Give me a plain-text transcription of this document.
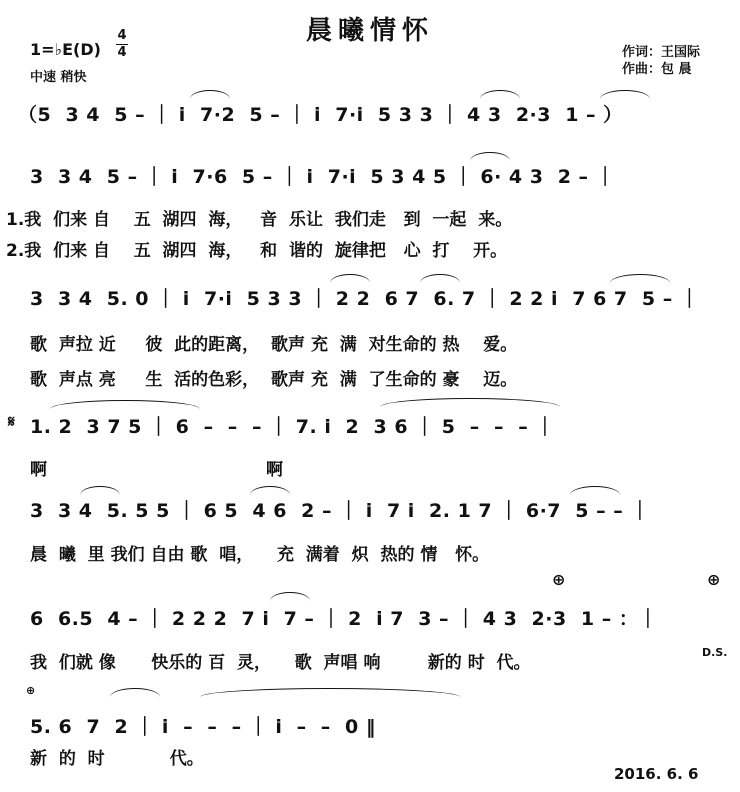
晨曦情怀
1=♭E(D)
4
4
中速 稍快
作词：王国际
作曲：包 晨
（5  3 4  5 – ｜ i  7·2  5 – ｜ i  7·i  5 3 3 ｜ 4 3  2·3  1 – ）
3  3 4  5 – ｜ i  7·6  5 – ｜ i  7·i  5 3 4 5 ｜ 6· 4 3  2 – ｜
1.我  们来 自    五  湖四  海，   音  乐让  我们走   到  一起  来。
2.我  们来 自    五  湖四  海，   和  谐的  旋律把   心  打    开。
3  3 4  5. 0 ｜ i  7·i  5 3 3 ｜ 2 2  6 7  6. 7 ｜ 2 2 i  7 6 7  5 – ｜
歌  声拉 近     彼  此的距离，  歌声 充  满  对生命的 热    爱。
歌  声点 亮     生  活的色彩，  歌声 充  满  了生命的 豪    迈。
𝄋 1. 2  3 7 5 ｜ 6  –  –  – ｜ 7. i  2  3 6 ｜ 5  –  –  – ｜
啊                                     啊
3  3 4  5. 5 5 ｜ 6 5  4 6  2 – ｜ i  7 i  2. 1 7 ｜ 6·7  5 – – ｜
晨  曦  里 我们 自由 歌  唱，    充  满着  炽  热的 情   怀。
⊕	⊕
6  6.5  4 – ｜ 2 2 2  7 i  7 – ｜ 2  i 7  3 – ｜ 4 3  2·3  1 – ：｜
我  们就 像      快乐的 百  灵，    歌  声唱 响        新的 时  代。
D.S.
⊕
5. 6  7  2 ｜ i  –  –  – ｜ i  –  –  0 ‖
新  的  时           代。
2016. 6. 6
